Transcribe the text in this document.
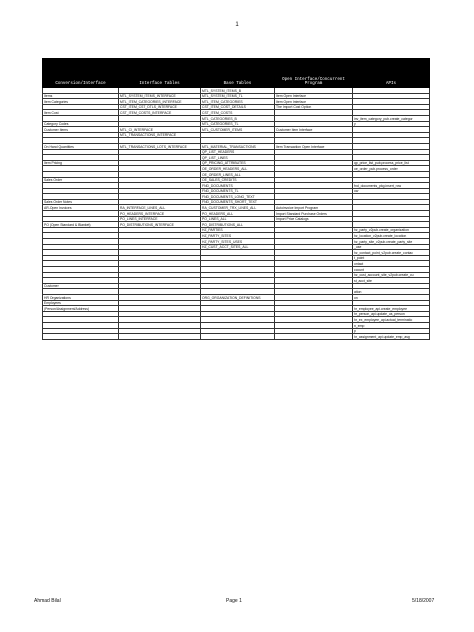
1
Conversion/Interface	Interface Tables	Base Tables	Open Interface/Concurrent Program	APIs
		MTL_SYSTEM_ITEMS_B		
Items	MTL_SYSTEM_ITEMS_INTERFACE	MTL_SYSTEM_ITEMS_TL	Item Open Interface	
Item Categories	MTL_ITEM_CATEGORIES_INTERFACE	MTL_ITEM_CATEGORIES	Item Open Interface	
	CST_ITEM_CST_DTLS_INTERFACE	CST_ITEM_COST_DETAILS	The Import Cost Option	
Item Cost	CST_ITEM_COSTS_INTERFACE	CST_ITEM_COSTS		
		MTL_CATEGORIES_B		inv_item_category_pub.create_categor
Category Codes		MTL_CATEGORIES_TL		y
Customer Items	MTL_CI_INTERFACE	MTL_CUSTOMER_ITEMS	Customer Item Interface	
	MTL_TRANSACTIONS_INTERFACE			

On Hand Quantities	MTL_TRANSACTIONS_LOTS_INTERFACE	MTL_MATERIAL_TRANSACTIONS	Item Transaction Open Interface	
		QP_LIST_HEADERS		
		QP_LIST_LINES		
Item Pricing		QP_PRICING_ATTRIBUTES		qp_price_list_pub.process_price_list
		OE_ORDER_HEADERS_ALL		oe_order_pub.process_order
		OE_ORDER_LINES_ALL		
Sales Order		OE_SALES_CREDITS		
		FND_DOCUMENTS		fnd_documents_pkg.insert_row
		FND_DOCUMENTS_TL		ow
		FND_DOCUMENTS_LONG_TEXT		
Sales Order Notes		FND_DOCUMENTS_SHORT_TEXT		
AR-Open Invoices	RA_INTERFACE_LINES_ALL	RA_CUSTOMER_TRX_LINES_ALL	Autoinvoice Import Program	
	PO_HEADERS_INTERFACE	PO_HEADERS_ALL	Import Standard Purchase Orders	
	PO_LINES_INTERFACE	PO_LINES_ALL	Import Price Catalogs	
PO (Open Standard & Blanket)	PO_DISTRIBUTIONS_INTERFACE	PO_DISTRIBUTIONS_ALL		
		HZ_PARTIES		hz_party_v2pub.create_organization
		HZ_PARTY_SITES		hz_location_v2pub.create_location
		HZ_PARTY_SITES_USES		hz_party_site_v2pub.create_party_site
		HZ_CUST_ACCT_SITES_ALL		_use
				hz_contact_point_v2pub.create_contac
				t_point
				ontact
				ccount
				hz_cust_account_site_v2pub.create_cu
				st_acct_site
Customer				
				ation
HR Organizations		ORG_ORGANIZATION_DEFINITIONS		on
Employees				
(Person/Assignment/Address)				hr_employee_api.create_employee
				hr_person_api.update_us_person
				hr_ex_employee_api.actual_terminatio
				n_emp
				p
				hr_assignment_api.update_emp_asg
Ahmad Bilal	Page 1	5/18/2007
